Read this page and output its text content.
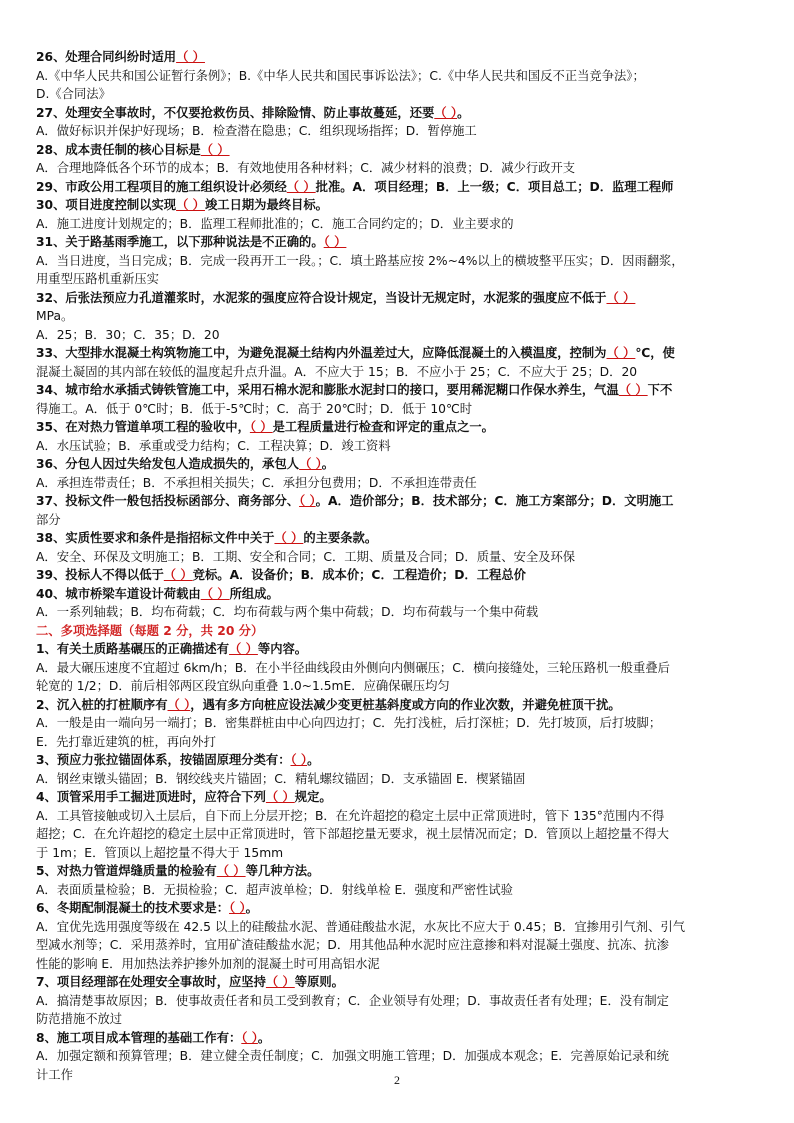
26、处理合同纠纷时适用（ ）
A.《中华人民共和国公证暂行条例》；B.《中华人民共和国民事诉讼法》；C.《中华人民共和国反不正当竞争法》；
D.《合同法》
27、处理安全事故时，不仅要抢救伤员、排除险情、防止事故蔓延，还要（ ）。
A．做好标识并保护好现场；B．检查潜在隐患；C．组织现场指挥；D．暂停施工
28、成本责任制的核心目标是（ ）
A．合理地降低各个环节的成本；B．有效地使用各种材料；C．减少材料的浪费；D．减少行政开支
29、市政公用工程项目的施工组织设计必须经（ ）批准。A．项目经理；B．上一级；C．项目总工；D．监理工程师
30、项目进度控制以实现（ ）竣工日期为最终目标。
A．施工进度计划规定的；B．监理工程师批准的；C．施工合同约定的；D．业主要求的
31、关于路基雨季施工，以下那种说法是不正确的。（ ）
A．当日进度，当日完成；B．完成一段再开工一段。；C．填土路基应按 2%~4%以上的横坡整平压实；D．因雨翻浆，
用重型压路机重新压实
32、后张法预应力孔道灌浆时，水泥浆的强度应符合设计规定，当设计无规定时，水泥浆的强度应不低于（ ）
MPa。
A．25；B．30；C．35；D．20
33、大型排水混凝土构筑物施工中，为避免混凝土结构内外温差过大，应降低混凝土的入模温度，控制为（ ）℃，使
混凝土凝固的其内部在较低的温度起升点升温。A．不应大于 15；B．不应小于 25；C．不应大于 25；D．20
34、城市给水承插式铸铁管施工中，采用石棉水泥和膨胀水泥封口的接口，要用稀泥糊口作保水养生，气温（ ）下不
得施工。A．低于 0℃时；B．低于-5℃时；C．高于 20℃时；D．低于 10℃时
35、在对热力管道单项工程的验收中，（ ）是工程质量进行检查和评定的重点之一。
A．水压试验；B．承重或受力结构；C．工程决算；D．竣工资料
36、分包人因过失给发包人造成损失的，承包人（ ）。
A．承担连带责任；B．不承担相关损失；C．承担分包费用；D．不承担连带责任
37、投标文件一般包括投标函部分、商务部分、（ ）。A．造价部分；B．技术部分；C．施工方案部分；D．文明施工
部分
38、实质性要求和条件是指招标文件中关于（ ）的主要条款。
A．安全、环保及文明施工；B．工期、安全和合同；C．工期、质量及合同；D．质量、安全及环保
39、投标人不得以低于（ ）竞标。A．设备价；B．成本价；C．工程造价；D．工程总价
40、城市桥梁车道设计荷载由（ ）所组成。
A．一系列轴载；B．均布荷载；C．均布荷载与两个集中荷载；D．均布荷载与一个集中荷载
二、多项选择题（每题 2 分，共 20 分）
1、有关土质路基碾压的正确描述有（ ）等内容。
A．最大碾压速度不宜超过 6km/h；B．在小半径曲线段由外侧向内侧碾压；C．横向接缝处，三轮压路机一般重叠后
轮宽的 1/2；D．前后相邻两区段宜纵向重叠 1.0~1.5mE．应确保碾压均匀
2、沉入桩的打桩顺序有（ ），遇有多方向桩应设法减少变更桩基斜度或方向的作业次数，并避免桩顶干扰。
A．一般是由一端向另一端打；B．密集群桩由中心向四边打；C．先打浅桩，后打深桩；D．先打坡顶，后打坡脚；
E．先打靠近建筑的桩，再向外打
3、预应力张拉锚固体系，按锚固原理分类有：（ ）。
A．钢丝束镦头锚固；B．钢绞线夹片锚固；C．精轧螺纹锚固；D．支承锚固 E．楔紧锚固
4、顶管采用手工掘进顶进时，应符合下列（ ）规定。
A．工具管接触或切入土层后，自下而上分层开挖；B．在允许超挖的稳定土层中正常顶进时，管下 135°范围内不得
超挖；C．在允许超挖的稳定土层中正常顶进时，管下部超挖量无要求，视土层情况而定；D．管顶以上超挖量不得大
于 1m；E．管顶以上超挖量不得大于 15mm
5、对热力管道焊缝质量的检验有（ ）等几种方法。
A．表面质量检验；B．无损检验；C．超声波单检；D．射线单检 E．强度和严密性试验
6、冬期配制混凝土的技术要求是：（ ）。
A．宜优先选用强度等级在 42.5 以上的硅酸盐水泥、普通硅酸盐水泥，水灰比不应大于 0.45；B．宜掺用引气剂、引气
型减水剂等；C．采用蒸养时，宜用矿渣硅酸盐水泥；D．用其他品种水泥时应注意掺和料对混凝土强度、抗冻、抗渗
性能的影响 E．用加热法养护掺外加剂的混凝土时可用高铝水泥
7、项目经理部在处理安全事故时，应坚持（ ）等原则。
A．搞清楚事故原因；B．使事故责任者和员工受到教育；C．企业领导有处理；D．事故责任者有处理；E．没有制定
防范措施不放过
8、施工项目成本管理的基础工作有：（ ）。
A．加强定额和预算管理；B．建立健全责任制度；C．加强文明施工管理；D．加强成本观念；E．完善原始记录和统
计工作	2
